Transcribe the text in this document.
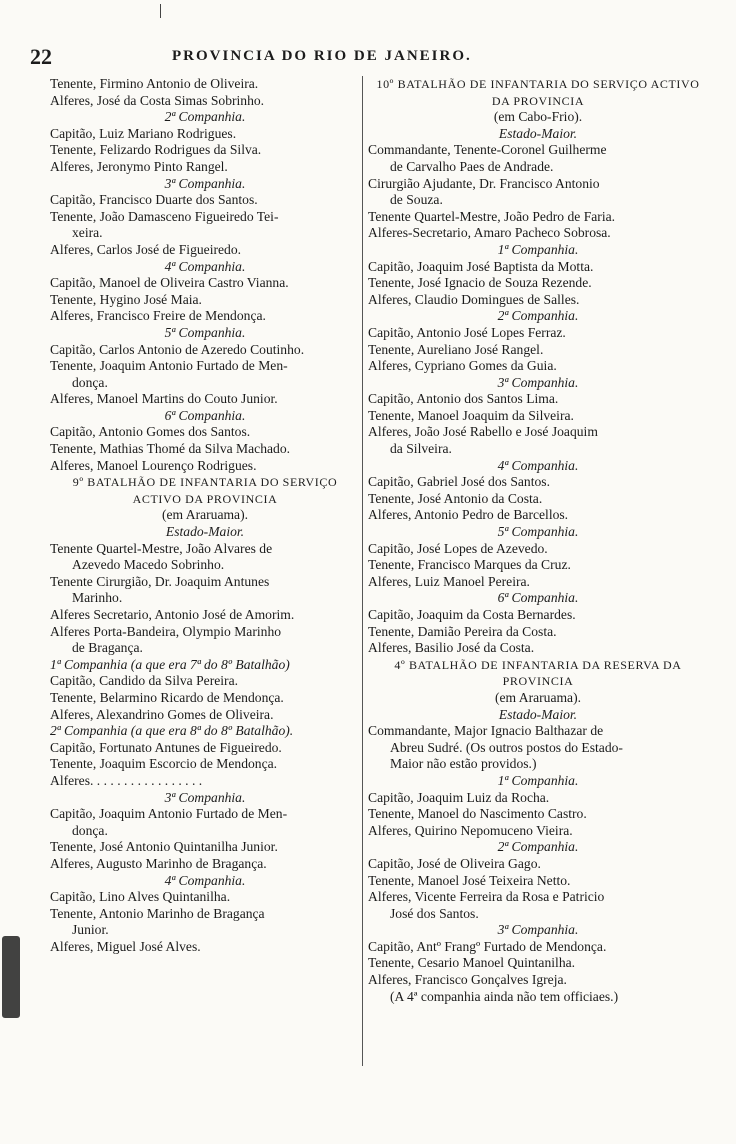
22	PROVINCIA DO RIO DE JANEIRO.
Tenente, Firmino Antonio de Oliveira.
Alferes, José da Costa Simas Sobrinho.
2ª Companhia.
Capitão, Luiz Mariano Rodrigues.
Tenente, Felizardo Rodrigues da Silva.
Alferes, Jeronymo Pinto Rangel.
3ª Companhia.
Capitão, Francisco Duarte dos Santos.
Tenente, João Damasceno Figueiredo Tei-
xeira.
Alferes, Carlos José de Figueiredo.
4ª Companhia.
Capitão, Manoel de Oliveira Castro Vianna.
Tenente, Hygino José Maia.
Alferes, Francisco Freire de Mendonça.
5ª Companhia.
Capitão, Carlos Antonio de Azeredo Coutinho.
Tenente, Joaquim Antonio Furtado de Men-
donça.
Alferes, Manoel Martins do Couto Junior.
6ª Companhia.
Capitão, Antonio Gomes dos Santos.
Tenente, Mathias Thomé da Silva Machado.
Alferes, Manoel Lourenço Rodrigues.
9º BATALHÃO DE INFANTARIA DO SERVIÇO ACTIVO DA PROVINCIA
(em Araruama).
Estado-Maior.
Tenente Quartel-Mestre, João Alvares de
Azevedo Macedo Sobrinho.
Tenente Cirurgião, Dr. Joaquim Antunes
Marinho.
Alferes Secretario, Antonio José de Amorim.
Alferes Porta-Bandeira, Olympio Marinho
de Bragança.
1ª Companhia (a que era 7ª do 8º Batalhão)
Capitão, Candido da Silva Pereira.
Tenente, Belarmino Ricardo de Mendonça.
Alferes, Alexandrino Gomes de Oliveira.
2ª Companhia (a que era 8ª do 8º Batalhão).
Capitão, Fortunato Antunes de Figueiredo.
Tenente, Joaquim Escorcio de Mendonça.
Alferes. . . . . . . . . . . . . . . . .
3ª Companhia.
Capitão, Joaquim Antonio Furtado de Men-
donça.
Tenente, José Antonio Quintanilha Junior.
Alferes, Augusto Marinho de Bragança.
4ª Companhia.
Capitão, Lino Alves Quintanilha.
Tenente, Antonio Marinho de Bragança
Junior.
Alferes, Miguel José Alves.
10º BATALHÃO DE INFANTARIA DO SERVIÇO ACTIVO DA PROVINCIA
(em Cabo-Frio).
Estado-Maior.
Commandante, Tenente-Coronel Guilherme
de Carvalho Paes de Andrade.
Cirurgião Ajudante, Dr. Francisco Antonio
de Souza.
Tenente Quartel-Mestre, João Pedro de Faria.
Alferes-Secretario, Amaro Pacheco Sobrosa.
1ª Companhia.
Capitão, Joaquim José Baptista da Motta.
Tenente, José Ignacio de Souza Rezende.
Alferes, Claudio Domingues de Salles.
2ª Companhia.
Capitão, Antonio José Lopes Ferraz.
Tenente, Aureliano José Rangel.
Alferes, Cypriano Gomes da Guia.
3ª Companhia.
Capitão, Antonio dos Santos Lima.
Tenente, Manoel Joaquim da Silveira.
Alferes, João José Rabello e José Joaquim
da Silveira.
4ª Companhia.
Capitão, Gabriel José dos Santos.
Tenente, José Antonio da Costa.
Alferes, Antonio Pedro de Barcellos.
5ª Companhia.
Capitão, José Lopes de Azevedo.
Tenente, Francisco Marques da Cruz.
Alferes, Luiz Manoel Pereira.
6ª Companhia.
Capitão, Joaquim da Costa Bernardes.
Tenente, Damião Pereira da Costa.
Alferes, Basilio José da Costa.
4º BATALHÃO DE INFANTARIA DA RESERVA DA PROVINCIA
(em Araruama).
Estado-Maior.
Commandante, Major Ignacio Balthazar de
Abreu Sudré. (Os outros postos do Estado-
Maior não estão providos.)
1ª Companhia.
Capitão, Joaquim Luiz da Rocha.
Tenente, Manoel do Nascimento Castro.
Alferes, Quirino Nepomuceno Vieira.
2ª Companhia.
Capitão, José de Oliveira Gago.
Tenente, Manoel José Teixeira Netto.
Alferes, Vicente Ferreira da Rosa e Patricio
José dos Santos.
3ª Companhia.
Capitão, Antº Frangº Furtado de Mendonça.
Tenente, Cesario Manoel Quintanilha.
Alferes, Francisco Gonçalves Igreja.
(A 4ª companhia ainda não tem officiaes.)
